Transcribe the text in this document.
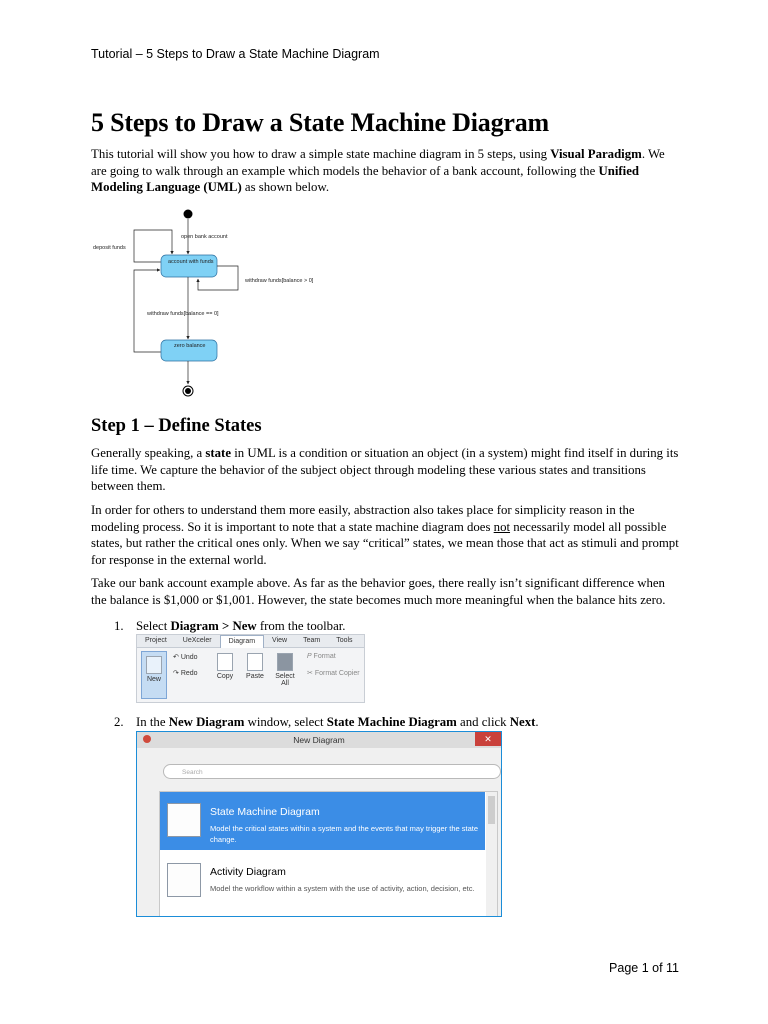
Tutorial – 5 Steps to Draw a State Machine Diagram
5 Steps to Draw a State Machine Diagram

This tutorial will show you how to draw a simple state machine diagram in 5 steps, using Visual Paradigm. We are going to walk through an example which models the behavior of a bank account, following the Unified Modeling Language (UML) as shown below.

open bank account
deposit funds
account with funds
withdraw funds[balance > 0]
withdraw funds[balance == 0]
zero balance
Step 1 – Define States

Generally speaking, a state in UML is a condition or situation an object (in a system) might find itself in during its life time. We capture the behavior of the subject object through modeling these various states and transitions between them.

In order for others to understand them more easily, abstraction also takes place for simplicity reason in the modeling process. So it is important to note that a state machine diagram does not necessarily model all possible states, but rather the critical ones only. When we say “critical” states, we mean those that act as stimuli and prompt for response in the external world.

Take our bank account example above. As far as the behavior goes, there really isn’t significant difference when the balance is $1,000 or $1,001. However, the state becomes much more meaningful when the balance hits zero.

1. Select Diagram > New from the toolbar.
Project	UeXceler	Diagram	View	Team	Tools
New
↶ Undo
↷ Redo	Copy	Paste	Select All
𝑃 Format
✂ Format Copier
2. In the New Diagram window, select State Machine Diagram and click Next.
New Diagram	✕
Search
State Machine Diagram
Model the critical states within a system and the events that may trigger the state change.
Activity Diagram
Model the workflow within a system with the use of activity, action, decision, etc.
Page 1 of 11
